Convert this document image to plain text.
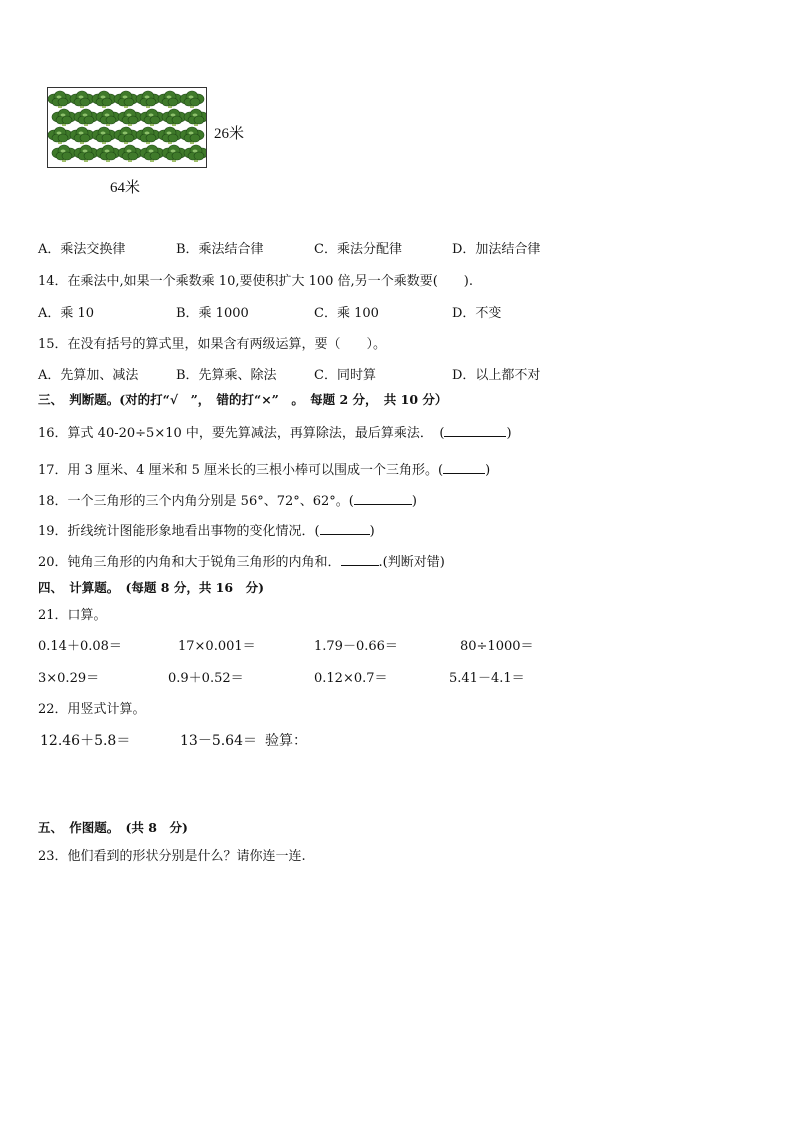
26米
64米
A．乘法交换律	B．乘法结合律	C．乘法分配律	D．加法结合律
14．在乘法中,如果一个乘数乘 10,要使积扩大 100 倍,另一个乘数要(　　).
A．乘 10	B．乘 1000	C．乘 100	D．不变
15．在没有括号的算式里，如果含有两级运算，要（　　）。
A．先算加、减法	B．先算乘、除法	C．同时算	D．以上都不对
三、　判断题。(对的打“√　”，　错的打“×”　。　每题 2 分，　共 10 分）
16．算式 40-20÷5×10 中，要先算减法，再算除法，最后算乘法．　(	)
17．用 3 厘米、4 厘米和 5 厘米长的三根小棒可以围成一个三角形。(	)
18．一个三角形的三个内角分别是 56°、72°、62°。(	)
19．折线统计图能形象地看出事物的变化情况．(	)
20．钝角三角形的内角和大于锐角三角形的内角和．	.(判断对错)
四、　计算题。　(每题 8 分，共 16　分)
21．口算。
0.14＋0.08＝	17×0.001＝	1.79－0.66＝	80÷1000＝
3×0.29＝	0.9＋0.52＝	0.12×0.7＝	5.41－4.1＝
22．用竖式计算。
12.46＋5.8＝	13－5.64＝ 验算：
五、　作图题。　(共 8　分)
23．他们看到的形状分别是什么？请你连一连.
